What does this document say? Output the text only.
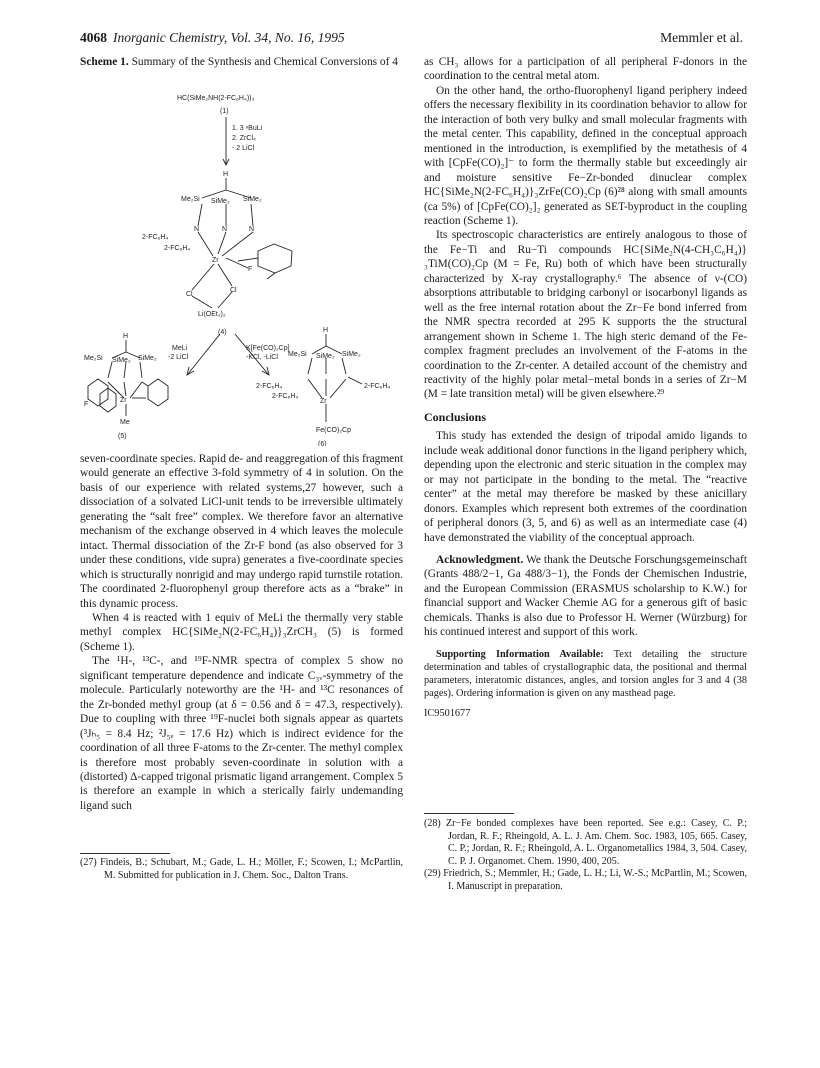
4068 Inorganic Chemistry, Vol. 34, No. 16, 1995	Memmler et al.
Scheme 1. Summary of the Synthesis and Chemical Conversions of 4
HC(SiMe₂NH(2-FC₆H₄))₃
(1)
1. 3 ⁿBuLi
2. ZrCl₄
- 2 LiCl
H
Me₂Si SiMe₂ SiMe₂
N	N	N
2-FC₆H₄
2-FC₆H₄
Zr
F
Cl
Cl
Li(OEt₂)₂
(4)
MeLi
-2 LiCl
K[Fe(CO)₂Cp]
-KCl, -LiCl
H
Me₂Si SiMe₂ SiMe₂
Zr
F
Me
(5)
H
Me₂Si SiMe₂ SiMe₂
2-FC₆H₄
2-FC₆H₄
2-FC₆H₄
Zr
Fe(CO)₂Cp
(6)

seven-coordinate species. Rapid de- and reaggregation of this fragment would generate an effective 3-fold symmetry of 4 in solution. On the basis of our experience with related systems,27 however, such a dissociation of a solvated LiCl-unit tends to be irreversible ultimately generating the “salt free” complex. We therefore favor an alternative mechanism of the exchange observed in 4 which leaves the molecule intact. Thermal dissociation of the Zr-F bond (as also observed for 3 under these conditions, vide supra) generates a five-coordinate species which is structurally nonrigid and may undergo rapid turnstile rotation. The coordinated 2-fluorophenyl group therefore acts as a “brake” in this dynamic process.

When 4 is reacted with 1 equiv of MeLi the thermally very stable methyl complex HC{SiMe₂N(2-FC₆H₄)}₃ZrCH₃ (5) is formed (Scheme 1).

The ¹H-, ¹³C-, and ¹⁹F-NMR spectra of complex 5 show no significant temperature dependence and indicate C₃ᵥ-symmetry of the molecule. Particularly noteworthy are the ¹H- and ¹³C resonances of the Zr-bonded methyl group (at δ = 0.56 and δ = 47.3, respectively). Due to coupling with three ¹⁹F-nuclei both signals appear as quartets (³Jₕ₅ = 8.4 Hz; ²J₅ₑ = 17.6 Hz) which is indirect evidence for the coordination of all three F-atoms to the Zr-center. The methyl complex is therefore most probably seven-coordinate in solution with a (distorted) Δ-capped trigonal prismatic ligand arrangement. Complex 5 is therefore an example in which a sterically fairly undemanding ligand such

(27) Findeis, B.; Schubart, M.; Gade, L. H.; Möller, F.; Scowen, I.; McPartlin, M. Submitted for publication in J. Chem. Soc., Dalton Trans.

as CH₃ allows for a participation of all peripheral F-donors in the coordination to the central metal atom.

On the other hand, the ortho-fluorophenyl ligand periphery indeed offers the necessary flexibility in its coordination behavior to allow for the interaction of both very bulky and small molecular fragments with the metal center. This capability, defined in the conceptual approach mentioned in the introduction, is exemplified by the metathesis of 4 with [CpFe(CO)₂]⁻ to form the thermally stable but exceedingly air and moisture sensitive Fe−Zr-bonded dinuclear complex HC{SiMe₂N(2-FC₆H₄)}₃ZrFe(CO)₂Cp (6)²⁸ along with small amounts (ca 5%) of [CpFe(CO)₂]₂ generated as SET-byproduct in the coupling reaction (Scheme 1).

Its spectroscopic characteristics are entirely analogous to those of the Fe−Ti and Ru−Ti compounds HC{SiMe₂N(4-CH₃C₆H₄)}₃TiM(CO)₂Cp (M = Fe, Ru) both of which have been structurally characterized by X-ray crystallography.⁶ The absence of ν-(CO) absorptions attributable to bridging carbonyl or isocarbonyl ligands as well as the free internal rotation about the Zr−Fe bond inferred from the NMR spectra recorded at 295 K supports the the structural arrangement shown in Scheme 1. The high steric demand of the Fe-complex fragment precludes an involvement of the F-atoms in the coordination to the Zr-center. A detailed account of the chemistry and reactivity of the highly polar metal−metal bonds in a series of Zr−M (M = late transition metal) will be given elsewhere.²⁹

Conclusions

This study has extended the design of tripodal amido ligands to include weak additional donor functions in the ligand periphery which, depending upon the electronic and steric situation in the complex may or may not participate in the bonding to the metal. The “reactive center” at the metal may therefore be masked by these anicillary donors. Examples which represent both extremes of the coordination of peripheral donors (3, 5, and 6) as well as an intermediate case (4) have demonstrated the viability of the conceptual approach.

Acknowledgment. We thank the Deutsche Forschungsgemeinschaft (Grants 488/2−1, Ga 488/3−1), the Fonds der Chemischen Industrie, and the European Commission (ERASMUS scholarship to K.W.) for financial support and Wacker Chemie AG for a generous gift of basic chemicals. Thanks is also due to Professor H. Werner (Würzburg) for his continued interest and support of this work.

Supporting Information Available: Text detailing the structure determination and tables of crystallographic data, the positional and thermal parameters, interatomic distances, angles, and torsion angles for 3 and 4 (38 pages). Ordering information is given on any masthead page.

IC9501677

(28) Zr−Fe bonded complexes have been reported. See e.g.: Casey, C. P.; Jordan, R. F.; Rheingold, A. L. J. Am. Chem. Soc. 1983, 105, 665. Casey, C. P.; Jordan, R. F.; Rheingold, A. L. Organometallics 1984, 3, 504. Casey, C. P. J. Organomet. Chem. 1990, 400, 205.

(29) Friedrich, S.; Memmler, H.; Gade, L. H.; Li, W.-S.; McPartlin, M.; Scowen, I. Manuscript in preparation.
